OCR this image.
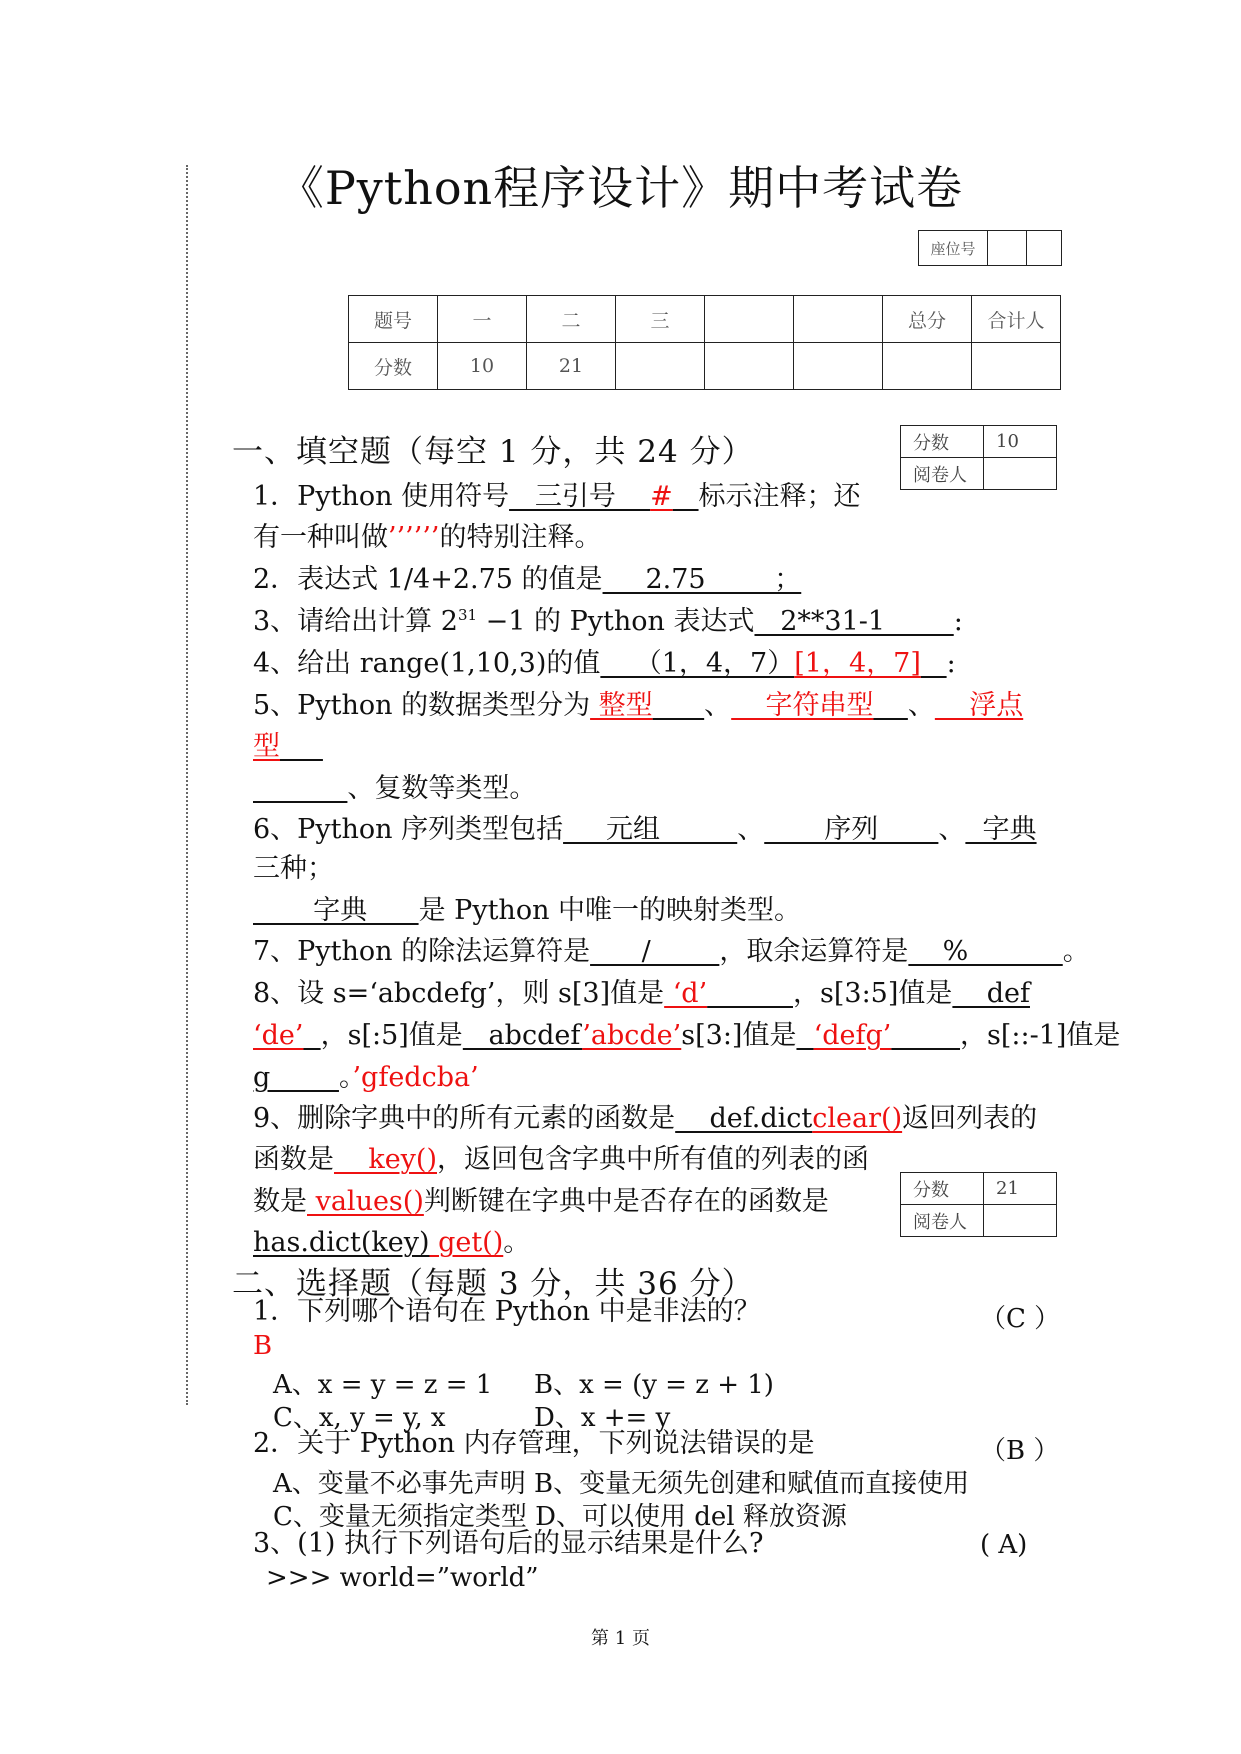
《Python程序设计》期中考试卷
座位号		
题号	一	二	三			总分	合计人
分数	10	21					
一、填空题（每空 1 分，共 24 分）	分数	10
阅卷人	
1．Python 使用符号   三引号    # 标示注释；还
有一种叫做’’’’’’的特别注释。
2．表达式 1/4+2.75 的值是     2.75        ；
3、请给出计算 $2^{31} -1$ 的 Python 表达式   2**31-1        :
4、给出 range(1,10,3)的值    （1，4，7）[1，4，7] :
5、Python 的数据类型分为 整型 、    字符串型 、    浮点
型
、复数等类型。
6、Python 序列类型包括     元组         、       序列       、  字典
三种；
字典      是 Python 中唯一的映射类型。
7、Python 的除法运算符是      /        ，取余运算符是    %           。
8、设 s=‘abcdefg’，则 s[3]值是 ‘d’	，s[3:5]值是    def
‘de’ ，s[:5]值是   abcdef’abcde’s[3:]值是 ‘defg’	，s[::-1]值是
g        。’gfedcba’
9、删除字典中的所有元素的函数是    def.dictclear()返回列表的
函数是    key()，返回包含字典中所有值的列表的函
数是 values()判断键在字典中是否存在的函数是
has.dict(key) get()。
分数	21
阅卷人	
二、选择题（每题 3 分，共 36 分）
1．下列哪个语句在 Python 中是非法的？	（C ）
B
A、x = y = z = 1 B、x = (y = z + 1)
C、x, y = y, x	D、x += y
2．关于 Python 内存管理，下列说法错误的是	（B ）
A、变量不必事先声明 B、变量无须先创建和赋值而直接使用
C、变量无须指定类型 D、可以使用 del 释放资源
3、(1) 执行下列语句后的显示结果是什么?	( A)
>>> world=”world”
第 1 页
